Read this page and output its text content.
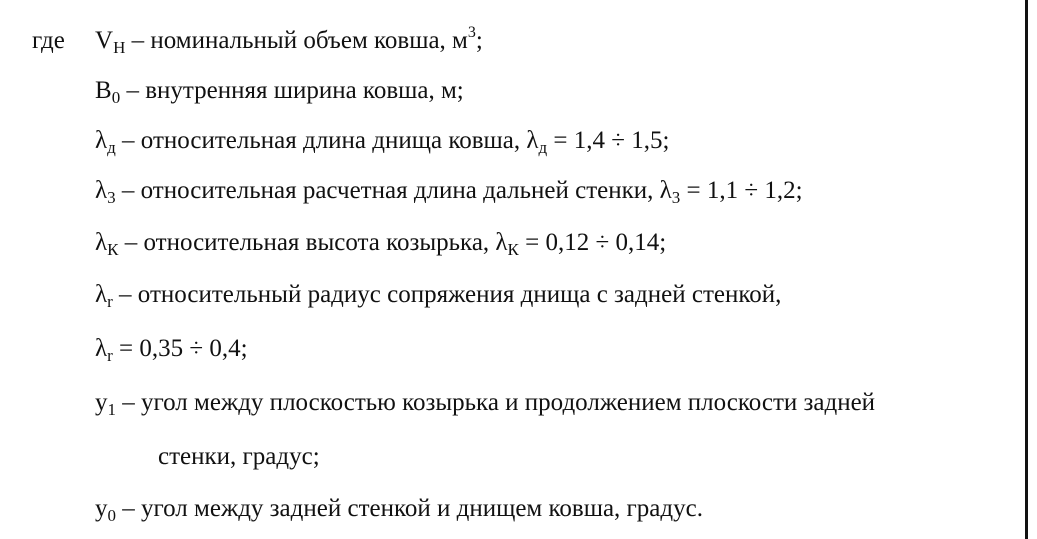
где $V_Н$ – номинальный объем ковша, $м^3$;
$B_0$ – внутренняя ширина ковша, м;
$\lambda_д$ – относительная длина днища ковша, $\lambda_д = 1,4 \div 1,5$;
$\lambda_3$ – относительная расчетная длина дальней стенки, $\lambda_3 = 1,1 \div 1,2$;
$\lambda_К$ – относительная высота козырька, $\lambda_К = 0,12 \div 0,14$;
$\lambda_r$ – относительный радиус сопряжения днища с задней стенкой,
$\lambda_r = 0,35 \div 0,4$;
$y_1$ – угол между плоскостью козырька и продолжением плоскости задней
стенки, градус;
$y_0$ – угол между задней стенкой и днищем ковша, градус.
